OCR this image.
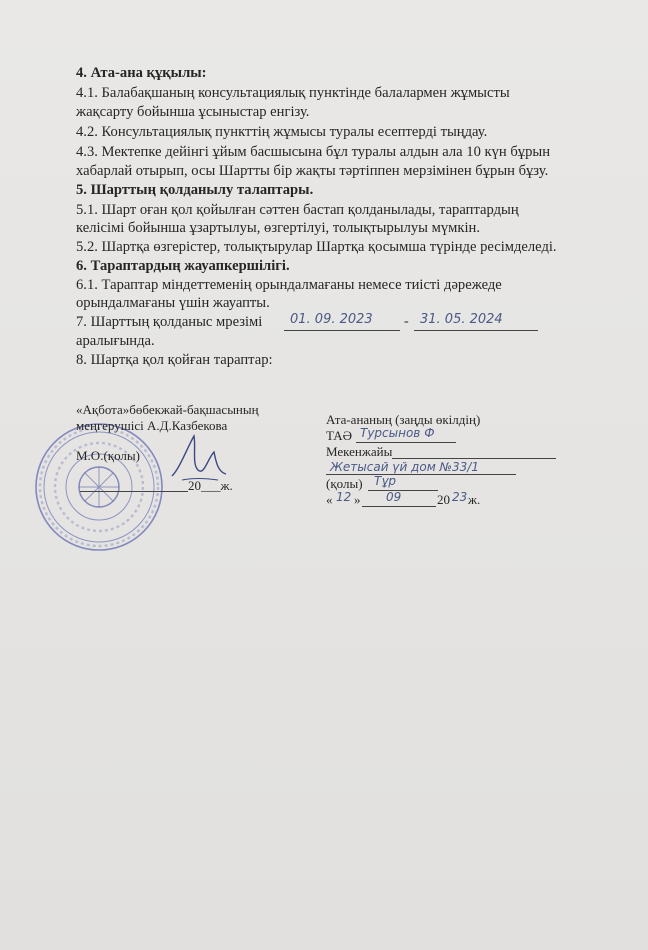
4. Ата-ана құқылы:
4.1. Балабақшаның консультациялық пунктінде балалармен жұмысты
жақсарту бойынша ұсыныстар енгізу.
4.2. Консультациялық пункттің жұмысы туралы есептерді тыңдау.
4.3. Мектепке дейінгі ұйым басшысына бұл туралы алдын ала 10 күн бұрын
хабарлай отырып, осы Шартты бір жақты тәртіппен мерзімінен бұрын бұзу.
5. Шарттың қолданылу талаптары.
5.1. Шарт оған қол қойылған сәттен бастап қолданылады, тараптардың
келісімі бойынша ұзартылуы, өзгертілуі, толықтырылуы мүмкін.
5.2. Шартқа өзгерістер, толықтырулар Шартқа қосымша түрінде ресімделеді.
6. Тараптардың жауапкершілігі.
6.1. Тараптар міндеттеменің орындалмағаны немесе тиісті дәрежеде
орындалмағаны үшін жауапты.
7. Шарттың қолданыс мрезімі 01. 09. 2023 - 31. 05. 2024
аралығында.
8. Шартқа қол қойған тараптар:
«Ақбота»бөбекжай-бақшасының
меңгерушісі А.Д.Казбекова
М.О.(қолы)
20___ж.
Ата-ананың (заңды өкілдің)
ТАӘ Турсынов Ф
Мекенжайы
Жетысай үй дом №33/1
(қолы) Тұр
« 12 » 09	20 23 ж.
